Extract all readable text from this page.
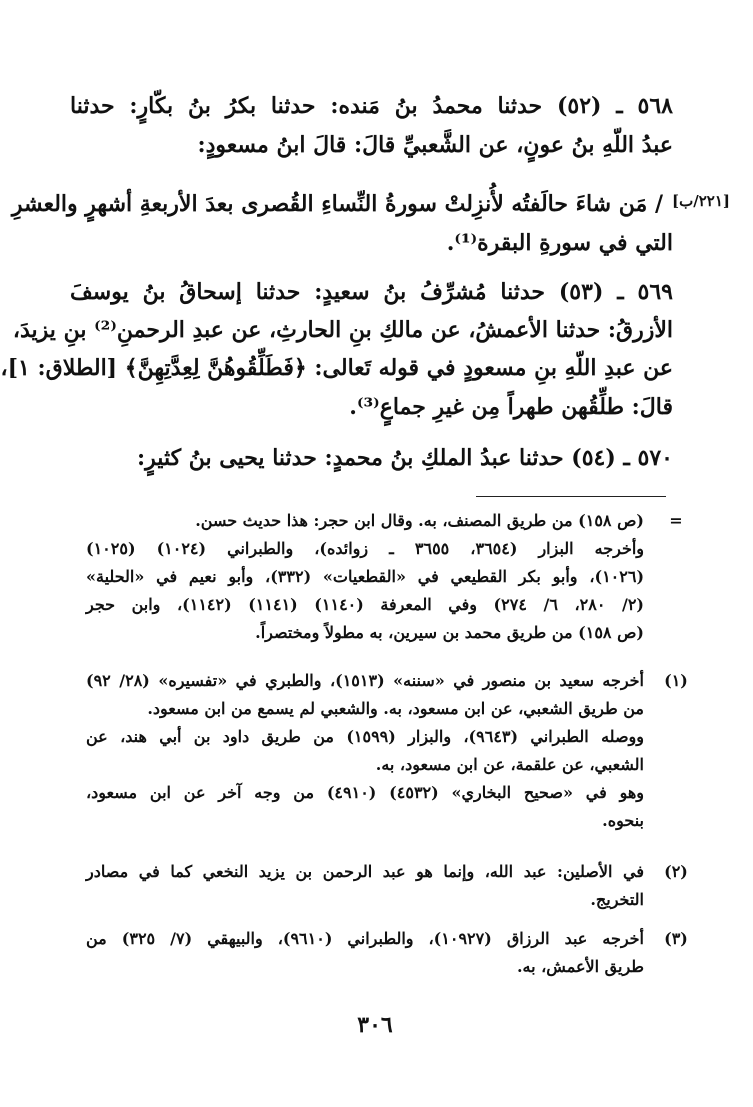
٥٦٨ ـ (٥٢) حدثنا محمدُ بنُ مَنده: حدثنا بكرُ بنُ بكّارٍ: حدثنا
عبدُ اللّهِ بنُ عونٍ، عن الشَّعبيِّ قالَ: قالَ ابنُ مسعودٍ:
[٢٢١/ب]
/ مَن شاءَ حالَفتُه لأُنزِلتْ سورةُ النِّساءِ القُصرى بعدَ الأربعةِ أشهرٍ والعشرِ
التي في سورةِ البقرة⁽¹⁾.
٥٦٩ ـ (٥٣) حدثنا مُشرِّفُ بنُ سعيدٍ: حدثنا إسحاقُ بنُ يوسفَ
الأزرقُ: حدثنا الأعمشُ، عن مالكِ بنِ الحارثِ، عن عبدِ الرحمنِ⁽²⁾ بنِ يزيدَ،
عن عبدِ اللّهِ بنِ مسعودٍ في قوله تَعالى: ﴿فَطَلِّقُوهُنَّ لِعِدَّتِهِنَّ﴾ [الطلاق: ١]،
قالَ: طلِّقُهن طهراً مِن غيرِ جماعٍ⁽³⁾.
٥٧٠ ـ (٥٤) حدثنا عبدُ الملكِ بنُ محمدٍ: حدثنا يحيى بنُ كثيرٍ:
=
(ص ١٥٨) من طريق المصنف، به. وقال ابن حجر: هذا حديث حسن.
وأخرجه البزار (٣٦٥٤، ٣٦٥٥ ـ زوائده)، والطبراني (١٠٢٤) (١٠٢٥)
(١٠٢٦)، وأبو بكر القطيعي في «القطعيات» (٣٣٢)، وأبو نعيم في «الحلية»
(٢/ ٢٨٠، ٦/ ٢٧٤) وفي المعرفة (١١٤٠) (١١٤١) (١١٤٢)، وابن حجر
(ص ١٥٨) من طريق محمد بن سيرين، به مطولاً ومختصراً.
(١)
أخرجه سعيد بن منصور في «سننه» (١٥١٣)، والطبري في «تفسيره» (٢٨/ ٩٢)
من طريق الشعبي، عن ابن مسعود، به. والشعبي لم يسمع من ابن مسعود.
ووصله الطبراني (٩٦٤٣)، والبزار (١٥٩٩) من طريق داود بن أبي هند، عن
الشعبي، عن علقمة، عن ابن مسعود، به.
وهو في «صحيح البخاري» (٤٥٣٢) (٤٩١٠) من وجه آخر عن ابن مسعود،
بنحوه.
(٢)
في الأصلين: عبد الله، وإنما هو عبد الرحمن بن يزيد النخعي كما في مصادر
التخريج.
(٣)
أخرجه عبد الرزاق (١٠٩٢٧)، والطبراني (٩٦١٠)، والبيهقي (٧/ ٣٢٥) من
طريق الأعمش، به.
٣٠٦
